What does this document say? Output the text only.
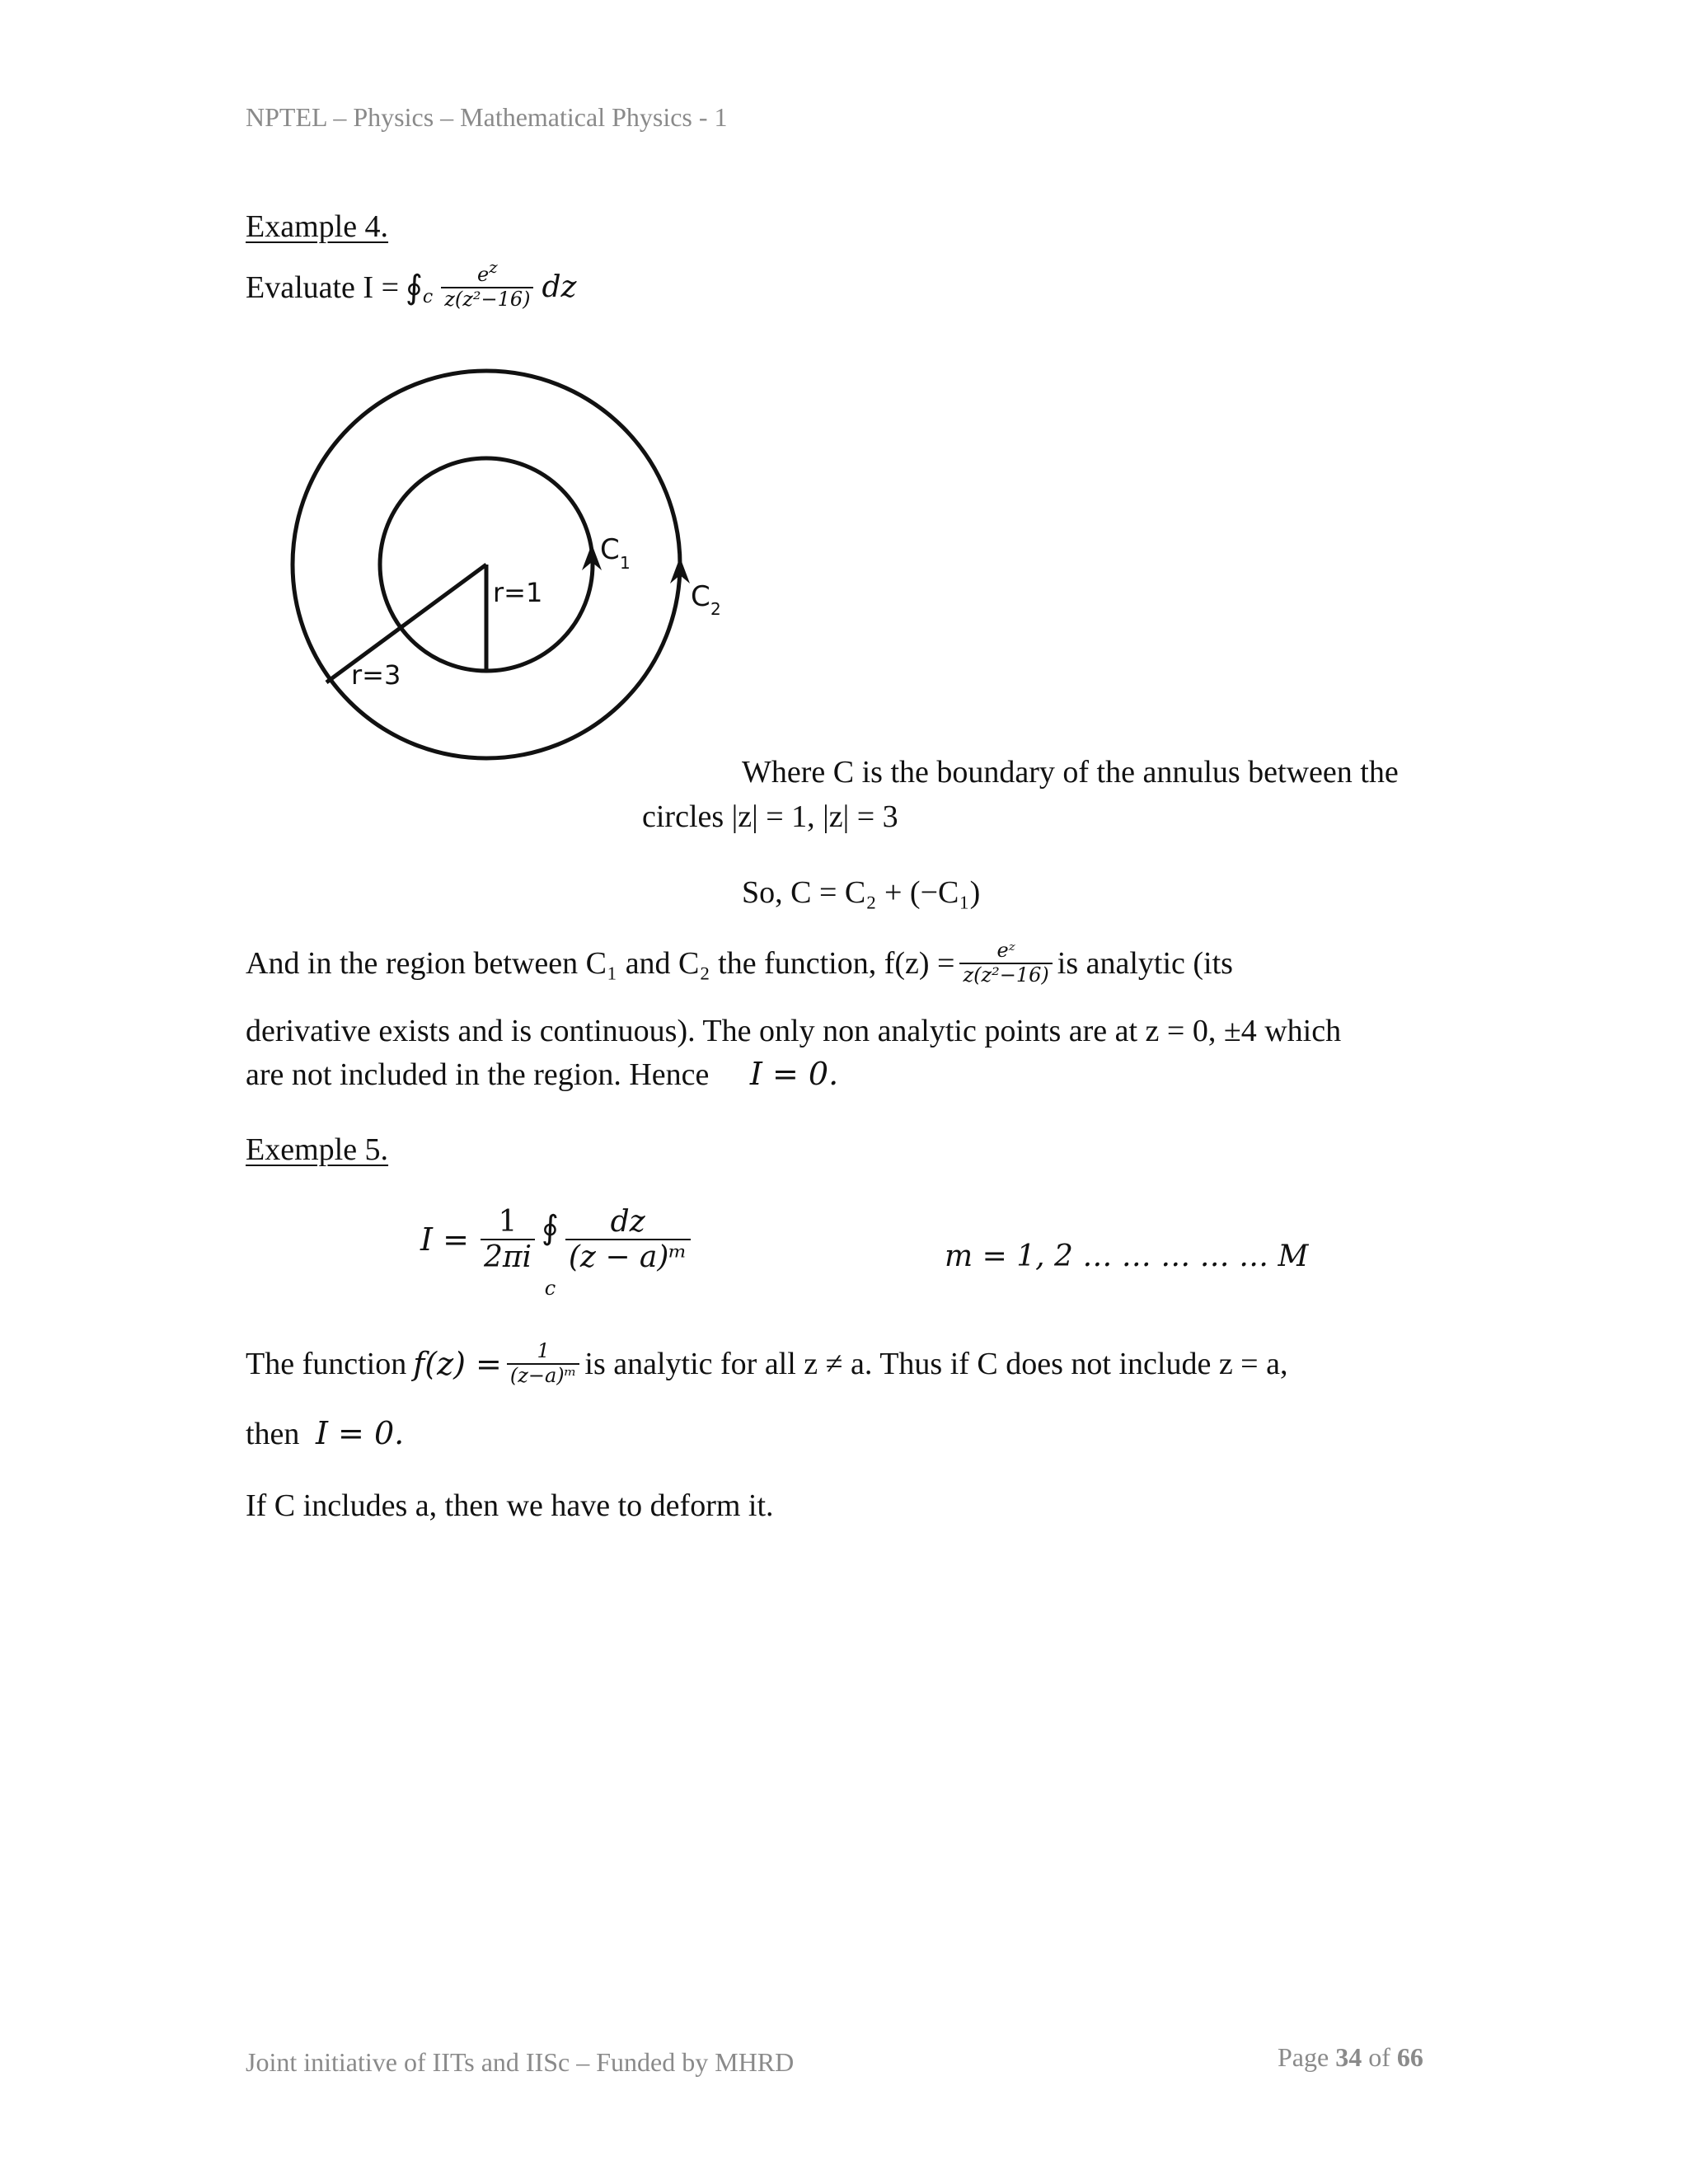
NPTEL – Physics – Mathematical Physics - 1
Example 4.
Evaluate I = ∮ c $\frac{e^z}{\text{z(z²−16)}}$ dz
r=1
r=3
C 1
C 2
Where C is the boundary of the annulus between the
circles |z| = 1, |z| = 3
So, C = C₂ + (−C₁)
And in the region between C₁ and C₂ the function, $f(z) = \frac{\text{eᶻ}}{\text{z(z²−16)}}$ is analytic (its
derivative exists and is continuous). The only non analytic points are at z = 0, ±4 which
are not included in the region. Hence I = 0.
Exemple 5.
$I = \frac{1}{2\pi i}$ ∮
c
$\frac{dz}{\text{(z − a)ᵐ}}$	m = 1, 2 … … … … … M
The function $f(z) = \frac{1}{\text{(z−a)ᵐ}}$ is analytic for all z ≠ a. Thus if C does not include z = a,
then I = 0.
If C includes a, then we have to deform it.
Joint initiative of IITs and IISc – Funded by MHRD	Page 34 of 66
